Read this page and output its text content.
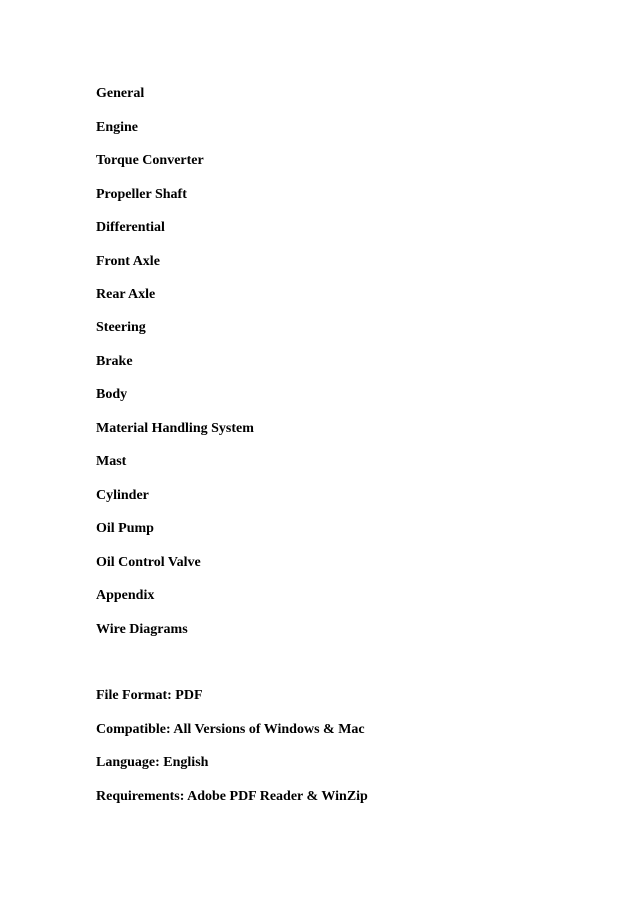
General
Engine
Torque Converter
Propeller Shaft
Differential
Front Axle
Rear Axle
Steering
Brake
Body
Material Handling System
Mast
Cylinder
Oil Pump
Oil Control Valve
Appendix
Wire Diagrams
File Format: PDF
Compatible: All Versions of Windows & Mac
Language: English
Requirements: Adobe PDF Reader & WinZip
